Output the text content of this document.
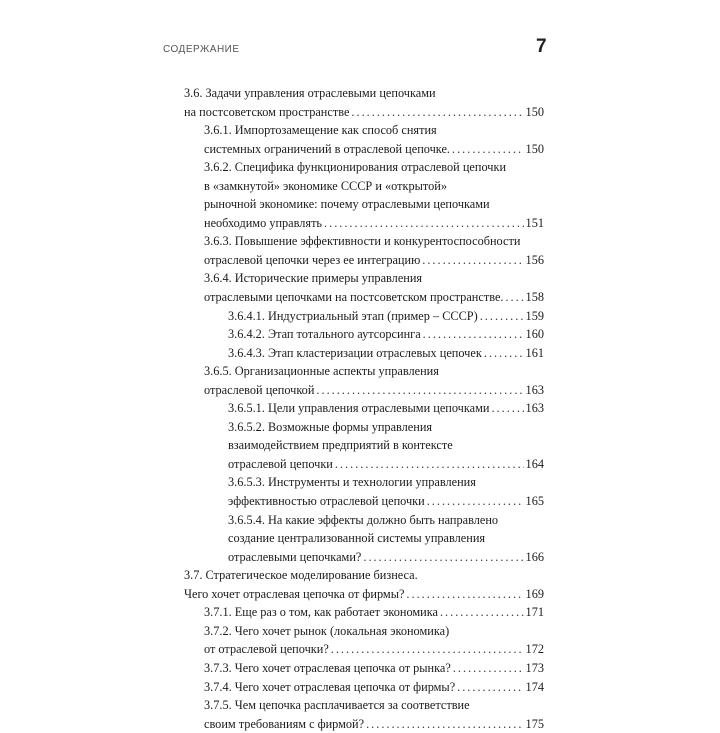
СОДЕРЖАНИЕ	7
3.6. Задачи управления отраслевыми цепочками
на постсоветском пространстве .....	150
3.6.1. Импортозамещение как способ снятия
системных ограничений в отраслевой цепочке. .....	150
3.6.2. Специфика функционирования отраслевой цепочки
в «замкнутой» экономике СССР и «открытой»
рыночной экономике: почему отраслевыми цепочками
необходимо управлять .....	151
3.6.3. Повышение эффективности и конкурентоспособности
отраслевой цепочки через ее интеграцию .....	156
3.6.4. Исторические примеры управления
отраслевыми цепочками на постсоветском пространстве. ..... 158
3.6.4.1. Индустриальный этап (пример – СССР) .....	159
3.6.4.2. Этап тотального аутсорсинга .....	160
3.6.4.3. Этап кластеризации отраслевых цепочек .....	161
3.6.5. Организационные аспекты управления
отраслевой цепочкой .....	163
3.6.5.1. Цели управления отраслевыми цепочками .....	163
3.6.5.2. Возможные формы управления
взаимодействием предприятий в контексте
отраслевой цепочки .....	164
3.6.5.3. Инструменты и технологии управления
эффективностью отраслевой цепочки .....	165
3.6.5.4. На какие эффекты должно быть направлено
создание централизованной системы управления
отраслевыми цепочками? .....	166
3.7. Стратегическое моделирование бизнеса.
Чего хочет отраслевая цепочка от фирмы? .....	169
3.7.1. Еще раз о том, как работает экономика .....	171
3.7.2. Чего хочет рынок (локальная экономика)
от отраслевой цепочки? .....	172
3.7.3. Чего хочет отраслевая цепочка от рынка? .....	173
3.7.4. Чего хочет отраслевая цепочка от фирмы? .....	174
3.7.5. Чем цепочка расплачивается за соответствие
своим требованиям с фирмой? .....	175
